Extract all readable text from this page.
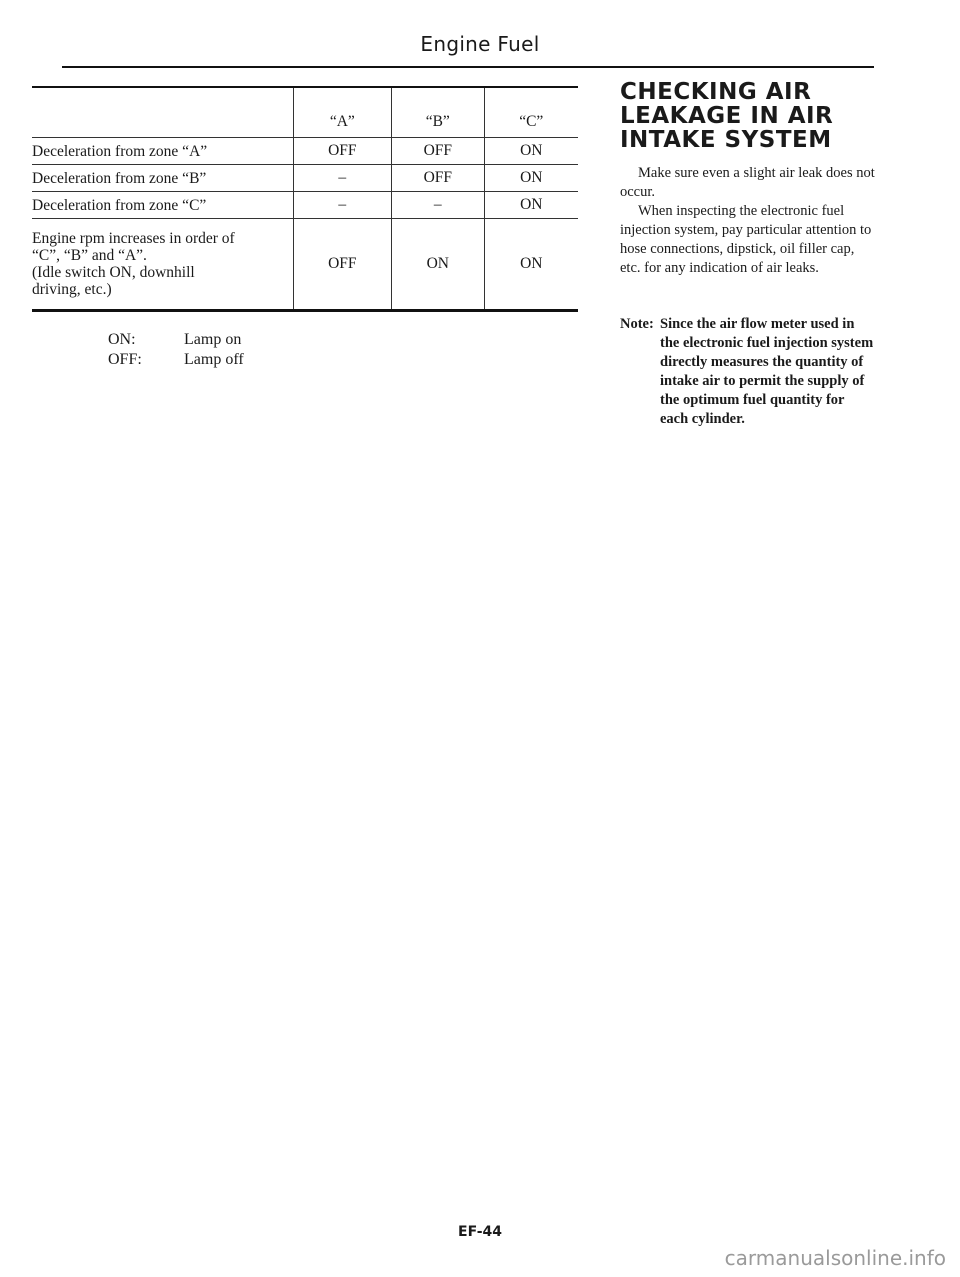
Engine Fuel
	“A”	“B”	“C”
Deceleration from zone “A”	OFF	OFF	ON
Deceleration from zone “B”	–	OFF	ON
Deceleration from zone “C”	–	–	ON

Engine rpm increases in order of
“C”, “B” and “A”.
(Idle switch ON, downhill
driving, etc.)	OFF	ON	ON
ON:	Lamp on
OFF:	Lamp off
CHECKING AIR
LEAKAGE IN AIR
INTAKE SYSTEM

Make sure even a slight air leak does not occur.

When inspecting the electronic fuel injection system, pay particular attention to hose connections, dipstick, oil filler cap, etc. for any indication of air leaks.

Note: Since the air flow meter used in the electronic fuel injection system directly measures the quantity of intake air to permit the supply of the optimum fuel quantity for each cylinder.
EF-44
carmanualsonline.info
